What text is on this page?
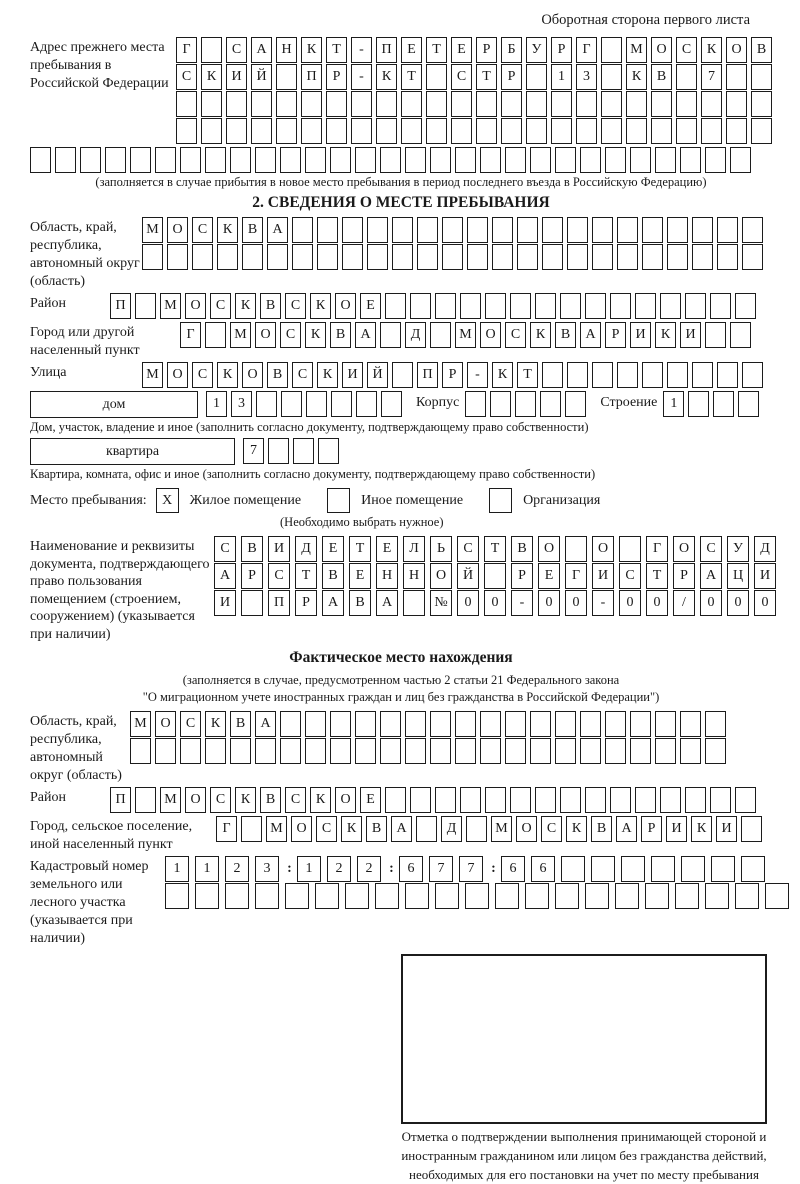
Оборотная сторона первого листа
Адрес прежнего места пребывания в Российской Федерации
Г	С	А	Н	К	Т	-	П	Е	Т	Е	Р	Б	У	Р	Г	М О	С	К	О	В
С	К	И	Й	П	Р	-	К	Т	С	Т	Р	1	3	К	В	7
(заполняется в случае прибытия в новое место пребывания в период последнего въезда в Российскую Федерацию)
2. СВЕДЕНИЯ О МЕСТЕ ПРЕБЫВАНИЯ
Область, край, республика, автономный округ (область)
М О	С	К	В	А
Район	П	М О	С	К	В	С	К	О	Е
Город или другой населенный пункт
Г	М О	С	К	В	А	Д	М О	С	К	В	А	Р	И	К	И
Улица	М О	С	К	О	В	С	К	И	Й	П	Р	-	К	Т
дом	1	3	Корпус	Строение 1
Дом, участок, владение и иное (заполнить согласно документу, подтверждающему право собственности)
квартира	7
Квартира, комната, офис и иное (заполнить согласно документу, подтверждающему право собственности)
Место пребывания:	X	Жилое помещение	Иное помещение	Организация
(Необходимо выбрать нужное)
Наименование и реквизиты документа, подтверждающего право пользования помещением (строением, сооружением) (указывается при наличии)
С	В	И	Д	Е	Т	Е	Л	Ь	С	Т	В	О	О	Г	О	С	У	Д
А	Р	С	Т	В	Е	Н	Н	О	Й	Р	Е	Г	И	С	Т	Р	А	Ц	И
И	П	Р	А	В	А	№	0	0	-	0	0	-	0	0	/	0	0	0
Фактическое место нахождения
(заполняется в случае, предусмотренном частью 2 статьи 21 Федерального закона
"О миграционном учете иностранных граждан и лиц без гражданства в Российской Федерации")
Область, край, республика, автономный округ (область)
М О	С	К	В	А
Район	П	М О	С	К	В	С	К	О	Е
Город, сельское поселение, иной населенный пункт
Г	М О	С	К	В	А	Д	М О	С	К	В	А	Р	И	К	И
Кадастровый номер земельного или лесного участка (указывается при наличии)
1	1	2	3	: 1	2	2	: 6	7	7	: 6	6
Отметка о подтверждении выполнения принимающей стороной и иностранным гражданином или лицом без гражданства действий, необходимых для его постановки на учет по месту пребывания
